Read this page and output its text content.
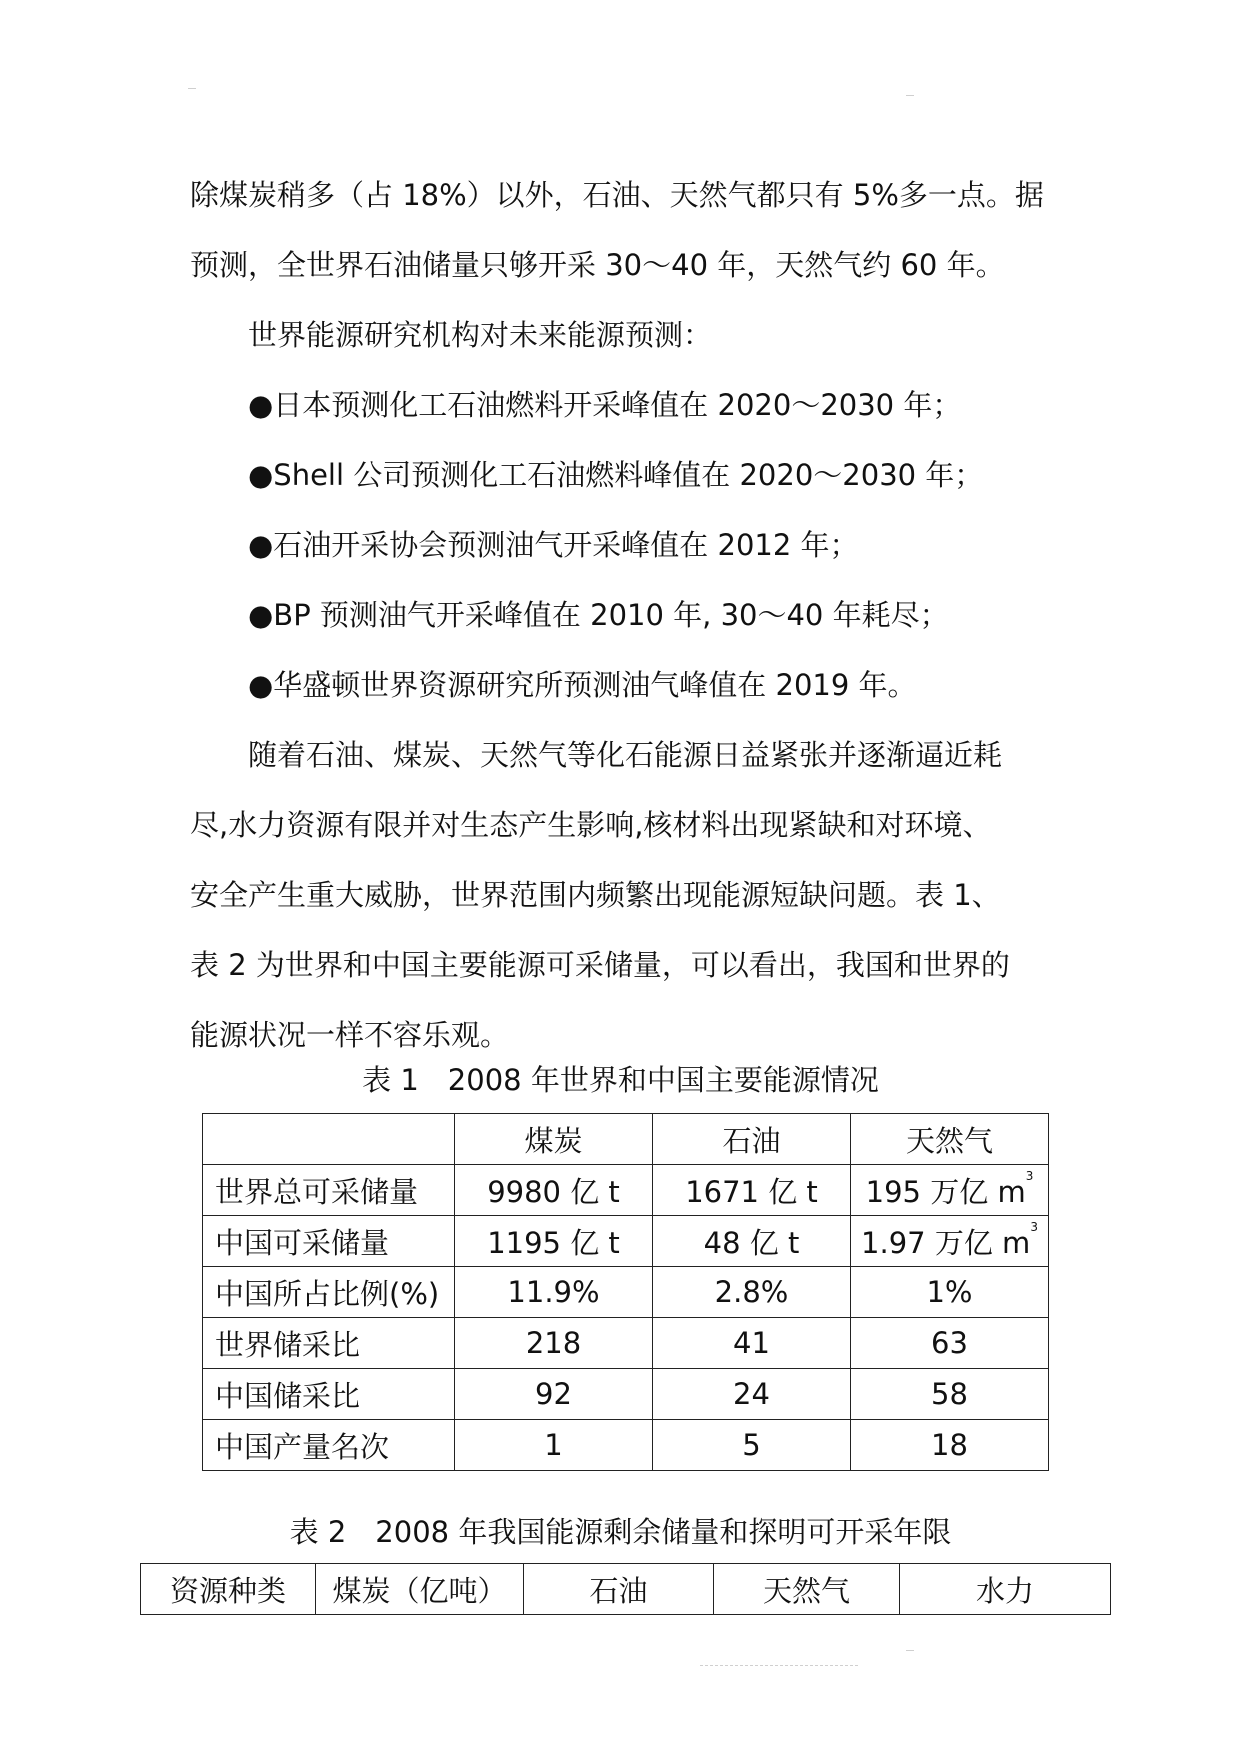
除煤炭稍多（占 18%）以外，石油、天然气都只有 5%多一点。据
预测，全世界石油储量只够开采 30～40 年，天然气约 60 年。
世界能源研究机构对未来能源预测：
●日本预测化工石油燃料开采峰值在 2020～2030 年；
●Shell 公司预测化工石油燃料峰值在 2020～2030 年；
●石油开采协会预测油气开采峰值在 2012 年；
●BP 预测油气开采峰值在 2010 年, 30～40 年耗尽；
●华盛顿世界资源研究所预测油气峰值在 2019 年。
随着石油、煤炭、天然气等化石能源日益紧张并逐渐逼近耗
尽,水力资源有限并对生态产生影响,核材料出现紧缺和对环境、
安全产生重大威胁，世界范围内频繁出现能源短缺问题。表 1、
表 2 为世界和中国主要能源可采储量，可以看出，我国和世界的
能源状况一样不容乐观。
表 1　2008 年世界和中国主要能源情况
	煤炭	石油	天然气
世界总可采储量	9980 亿 t	1671 亿 t	195 万亿 $m^3$
中国可采储量	1195 亿 t	48 亿 t	1.97 万亿 $m^3$
中国所占比例(%)	11.9%	2.8%	1%
世界储采比	218	41	63
中国储采比	92	24	58
中国产量名次	1	5	18
表 2　2008 年我国能源剩余储量和探明可开采年限
资源种类	煤炭（亿吨）	石油	天然气	水力
